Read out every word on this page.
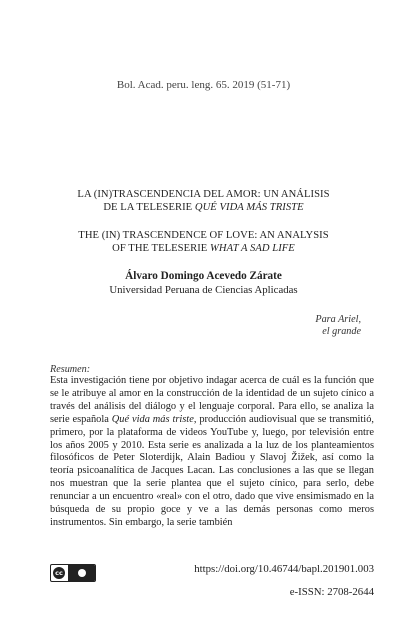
Bol. Acad. peru. leng. 65. 2019 (51-71)
LA (IN)TRASCENDENCIA DEL AMOR: UN ANÁLISIS
DE LA TELESERIE QUÉ VIDA MÁS TRISTE
THE (IN) TRASCENDENCE OF LOVE: AN ANALYSIS
OF THE TELESERIE WHAT A SAD LIFE
Álvaro Domingo Acevedo Zárate
Universidad Peruana de Ciencias Aplicadas
Para Ariel,
el grande
Resumen:

Esta investigación tiene por objetivo indagar acerca de cuál es la función que se le atribuye al amor en la construcción de la identidad de un sujeto cínico a través del análisis del diálogo y el lenguaje corporal. Para ello, se analiza la serie española Qué vida más triste, producción audiovisual que se transmitió, primero, por la plataforma de videos YouTube y, luego, por televisión entre los años 2005 y 2010. Esta serie es analizada a la luz de los planteamientos filosóficos de Peter Sloterdijk, Alain Badiou y Slavoj Žižek, así como la teoría psicoanalítica de Jacques Lacan. Las conclusiones a las que se llegan nos muestran que la serie plantea que el sujeto cínico, para serlo, debe renunciar a un encuentro «real» con el otro, dado que vive ensimismado en la búsqueda de su propio goce y ve a las demás personas como meros instrumentos. Sin embargo, la serie también

cc	https://doi.org/10.46744/bapl.201901.003
e-ISSN: 2708-2644
